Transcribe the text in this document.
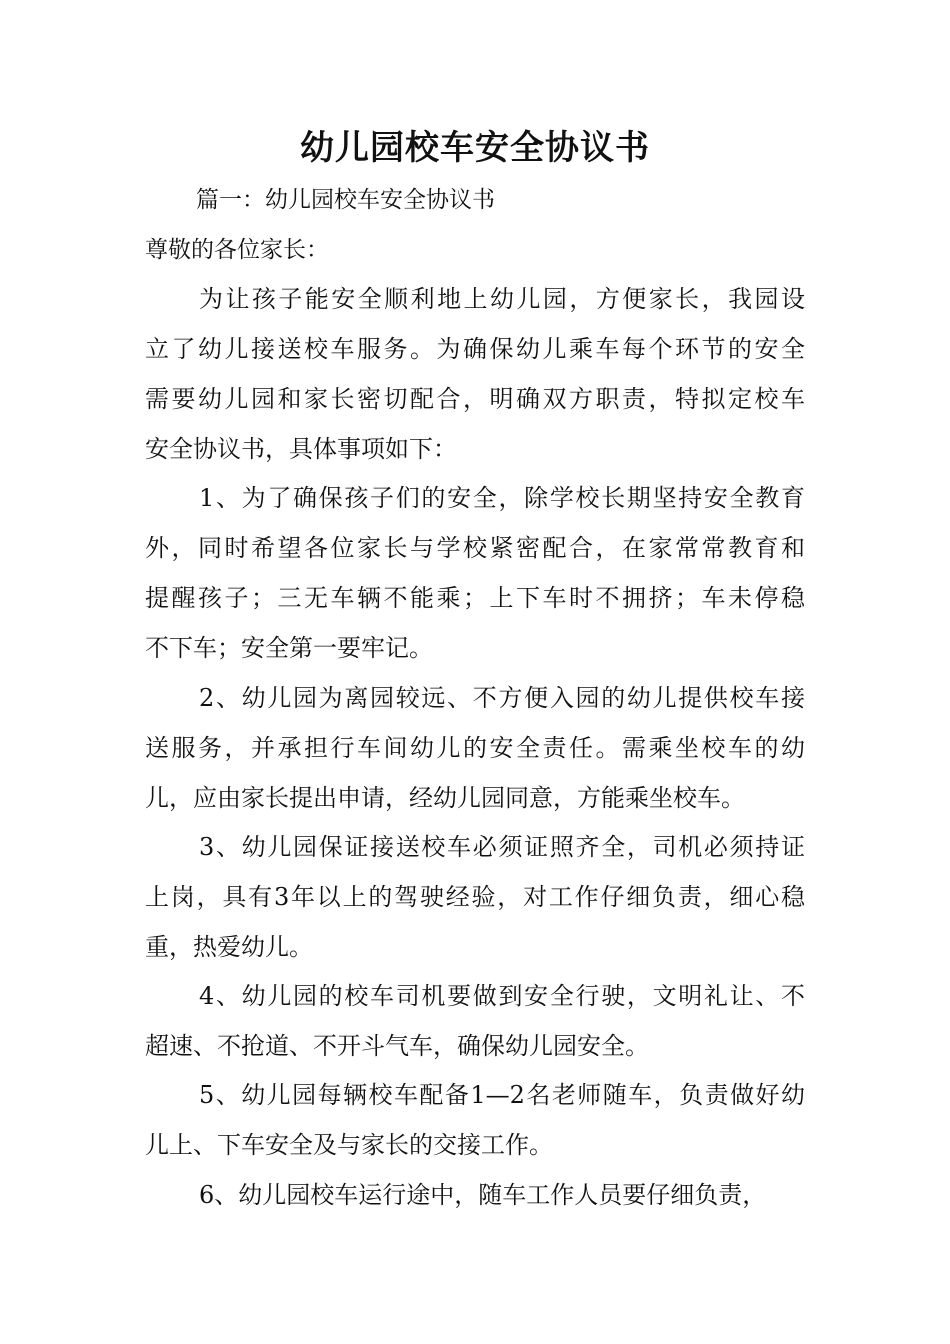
幼儿园校车安全协议书
篇一：幼儿园校车安全协议书
尊敬的各位家长：
为让孩子能安全顺利地上幼儿园，方便家长，我园设
立了幼儿接送校车服务。为确保幼儿乘车每个环节的安全
需要幼儿园和家长密切配合，明确双方职责，特拟定校车
安全协议书，具体事项如下：
1、为了确保孩子们的安全，除学校长期坚持安全教育
外，同时希望各位家长与学校紧密配合，在家常常教育和
提醒孩子；三无车辆不能乘；上下车时不拥挤；车未停稳
不下车；安全第一要牢记。
2、幼儿园为离园较远、不方便入园的幼儿提供校车接
送服务，并承担行车间幼儿的安全责任。需乘坐校车的幼
儿，应由家长提出申请，经幼儿园同意，方能乘坐校车。
3、幼儿园保证接送校车必须证照齐全，司机必须持证
上岗，具有3年以上的驾驶经验，对工作仔细负责，细心稳
重，热爱幼儿。
4、幼儿园的校车司机要做到安全行驶，文明礼让、不
超速、不抢道、不开斗气车，确保幼儿园安全。
5、幼儿园每辆校车配备1—2名老师随车，负责做好幼
儿上、下车安全及与家长的交接工作。
6、幼儿园校车运行途中，随车工作人员要仔细负责，
